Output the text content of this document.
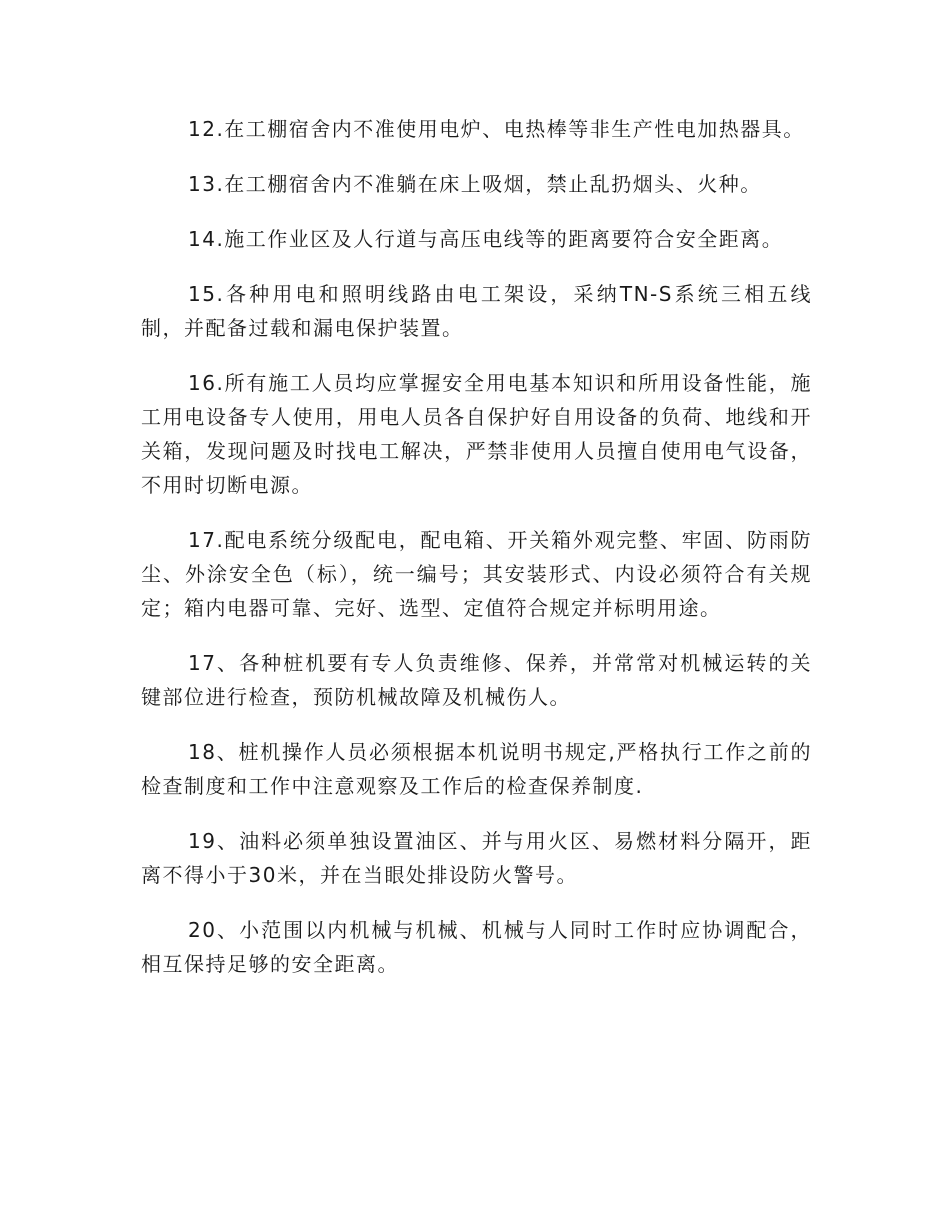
12.在工棚宿舍内不准使用电炉、电热棒等非生产性电加热器具。

13.在工棚宿舍内不准躺在床上吸烟，禁止乱扔烟头、火种。

14.施工作业区及人行道与高压电线等的距离要符合安全距离。

15.各种用电和照明线路由电工架设，采纳TN-S系统三相五线制，并配备过载和漏电保护装置。

16.所有施工人员均应掌握安全用电基本知识和所用设备性能，施工用电设备专人使用，用电人员各自保护好自用设备的负荷、地线和开关箱，发现问题及时找电工解决，严禁非使用人员擅自使用电气设备，不用时切断电源。

17.配电系统分级配电，配电箱、开关箱外观完整、牢固、防雨防尘、外涂安全色（标），统一编号；其安装形式、内设必须符合有关规定；箱内电器可靠、完好、选型、定值符合规定并标明用途。

17、各种桩机要有专人负责维修、保养，并常常对机械运转的关键部位进行检查，预防机械故障及机械伤人。

18、桩机操作人员必须根据本机说明书规定,严格执行工作之前的检查制度和工作中注意观察及工作后的检查保养制度.

19、油料必须单独设置油区、并与用火区、易燃材料分隔开，距离不得小于30米，并在当眼处排设防火警号。

20、小范围以内机械与机械、机械与人同时工作时应协调配合，相互保持足够的安全距离。
